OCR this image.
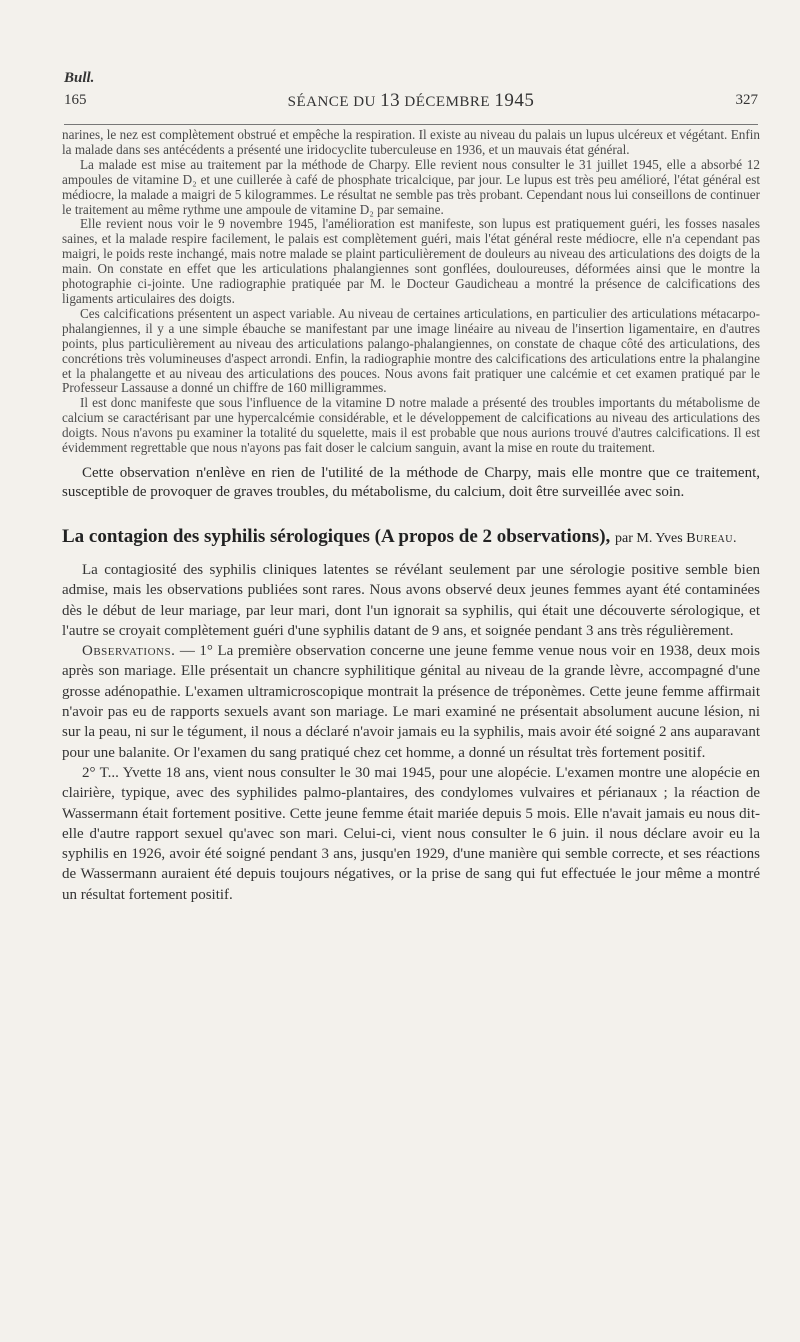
Bull.
165	SÉANCE DU 13 DÉCEMBRE 1945	327

narines, le nez est complètement obstrué et empêche la respiration. Il existe au niveau du palais un lupus ulcéreux et végétant. Enfin la malade dans ses antécédents a présenté une iridocyclite tuberculeuse en 1936, et un mauvais état général.

La malade est mise au traitement par la méthode de Charpy. Elle revient nous consulter le 31 juillet 1945, elle a absorbé 12 ampoules de vitamine D₂ et une cuillerée à café de phosphate tricalcique, par jour. Le lupus est très peu amélioré, l'état général est médiocre, la malade a maigri de 5 kilogrammes. Le résultat ne semble pas très probant. Cependant nous lui conseillons de continuer le traitement au même rythme une ampoule de vitamine D₂ par semaine.

Elle revient nous voir le 9 novembre 1945, l'amélioration est manifeste, son lupus est pratiquement guéri, les fosses nasales saines, et la malade respire facilement, le palais est complètement guéri, mais l'état général reste médiocre, elle n'a cependant pas maigri, le poids reste inchangé, mais notre malade se plaint particulièrement de douleurs au niveau des articulations des doigts de la main. On constate en effet que les articulations phalangiennes sont gonflées, douloureuses, déformées ainsi que le montre la photographie ci-jointe. Une radiographie pratiquée par M. le Docteur Gaudicheau a montré la présence de calcifications des ligaments articulaires des doigts.

Ces calcifications présentent un aspect variable. Au niveau de certaines articulations, en particulier des articulations métacarpo-phalangiennes, il y a une simple ébauche se manifestant par une image linéaire au niveau de l'insertion ligamentaire, en d'autres points, plus particulièrement au niveau des articulations palango-phalangiennes, on constate de chaque côté des articulations, des concrétions très volumineuses d'aspect arrondi. Enfin, la radiographie montre des calcifications des articulations entre la phalangine et la phalangette et au niveau des articulations des pouces. Nous avons fait pratiquer une calcémie et cet examen pratiqué par le Professeur Lassause a donné un chiffre de 160 milligrammes.

Il est donc manifeste que sous l'influence de la vitamine D notre malade a présenté des troubles importants du métabolisme de calcium se caractérisant par une hypercalcémie considérable, et le développement de calcifications au niveau des articulations des doigts. Nous n'avons pu examiner la totalité du squelette, mais il est probable que nous aurions trouvé d'autres calcifications. Il est évidemment regrettable que nous n'ayons pas fait doser le calcium sanguin, avant la mise en route du traitement.

Cette observation n'enlève en rien de l'utilité de la méthode de Charpy, mais elle montre que ce traitement, susceptible de provoquer de graves troubles, du métabolisme, du calcium, doit être surveillée avec soin.

La contagion des syphilis sérologiques (A propos de 2 observations), par M. Yves Bureau.

La contagiosité des syphilis cliniques latentes se révélant seulement par une sérologie positive semble bien admise, mais les observations publiées sont rares. Nous avons observé deux jeunes femmes ayant été contaminées dès le début de leur mariage, par leur mari, dont l'un ignorait sa syphilis, qui était une découverte sérologique, et l'autre se croyait complètement guéri d'une syphilis datant de 9 ans, et soignée pendant 3 ans très régulièrement.

Observations. — 1° La première observation concerne une jeune femme venue nous voir en 1938, deux mois après son mariage. Elle présentait un chancre syphilitique génital au niveau de la grande lèvre, accompagné d'une grosse adénopathie. L'examen ultramicroscopique montrait la présence de tréponèmes. Cette jeune femme affirmait n'avoir pas eu de rapports sexuels avant son mariage. Le mari examiné ne présentait absolument aucune lésion, ni sur la peau, ni sur le tégument, il nous a déclaré n'avoir jamais eu la syphilis, mais avoir été soigné 2 ans auparavant pour une balanite. Or l'examen du sang pratiqué chez cet homme, a donné un résultat très fortement positif.

2° T... Yvette 18 ans, vient nous consulter le 30 mai 1945, pour une alopécie. L'examen montre une alopécie en clairière, typique, avec des syphilides palmo-plantaires, des condylomes vulvaires et périanaux ; la réaction de Wassermann était fortement positive. Cette jeune femme était mariée depuis 5 mois. Elle n'avait jamais eu nous dit-elle d'autre rapport sexuel qu'avec son mari. Celui-ci, vient nous consulter le 6 juin. il nous déclare avoir eu la syphilis en 1926, avoir été soigné pendant 3 ans, jusqu'en 1929, d'une manière qui semble correcte, et ses réactions de Wassermann auraient été depuis toujours négatives, or la prise de sang qui fut effectuée le jour même a montré un résultat fortement positif.
